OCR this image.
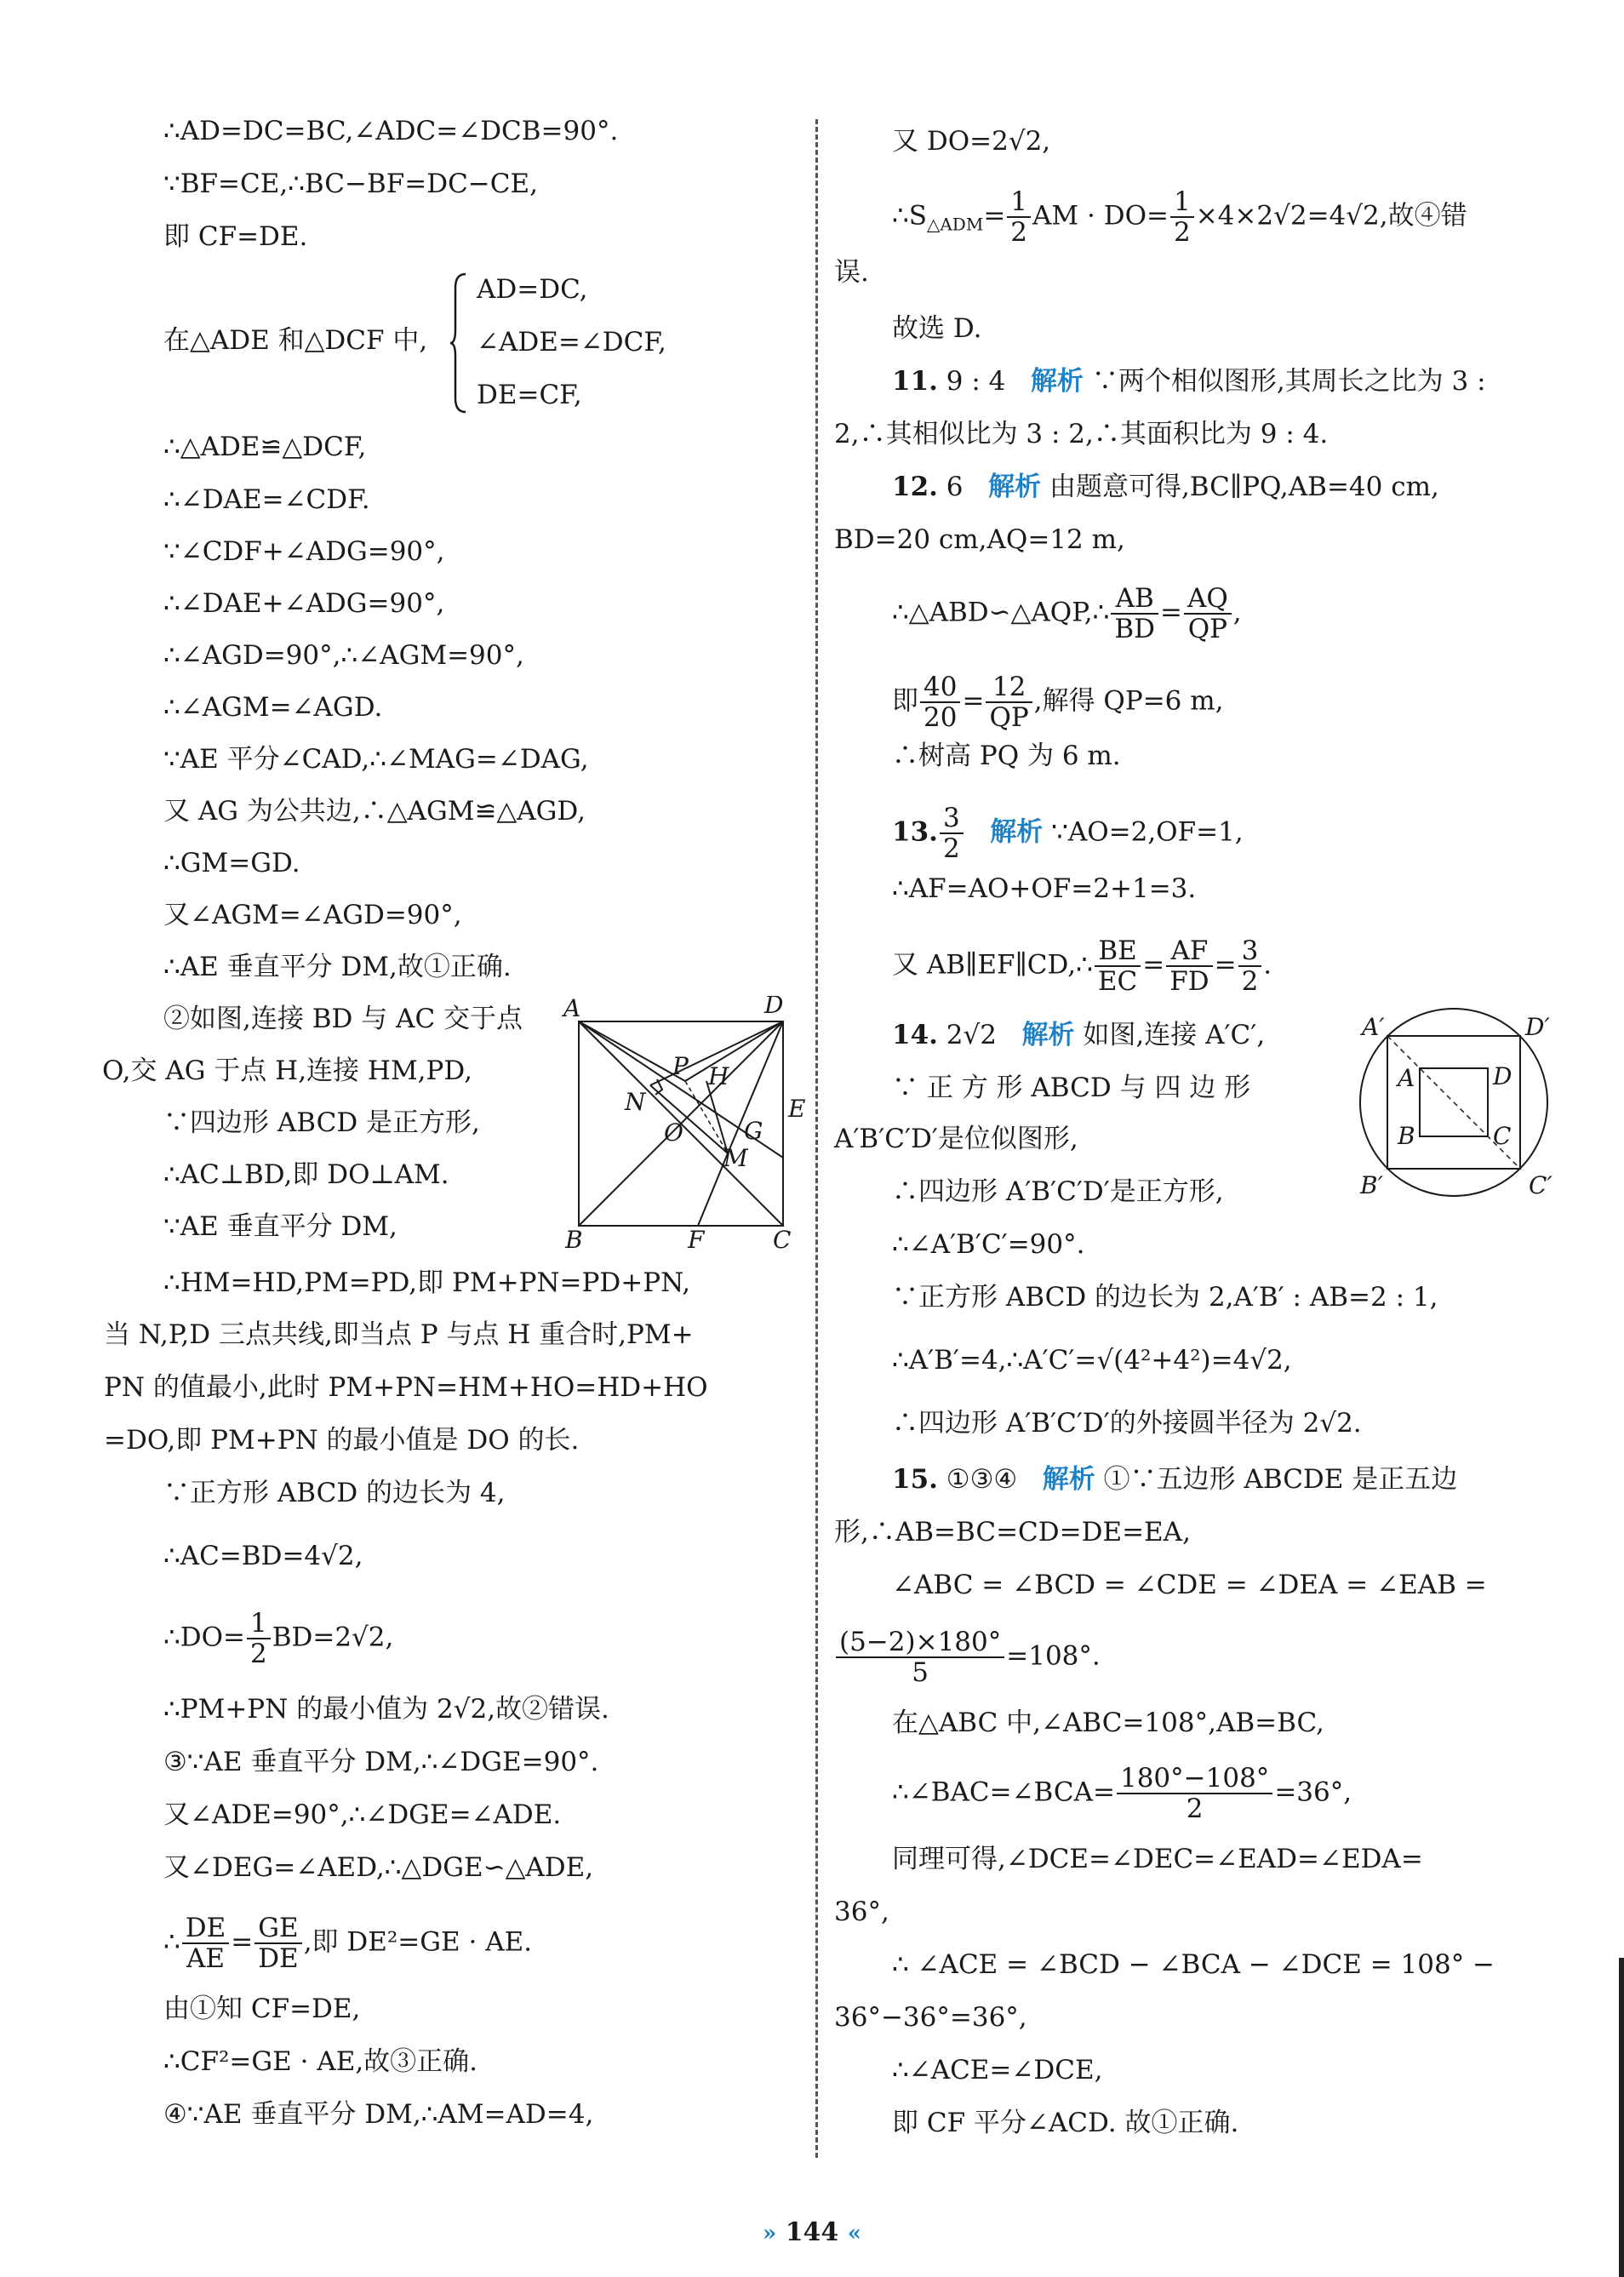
∴AD=DC=BC,∠ADC=∠DCB=90°.
∵BF=CE,∴BC−BF=DC−CE,
即 CF=DE.
在△ADE 和△DCF 中,
AD=DC,
∠ADE=∠DCF,
DE=CF,
∴△ADE≌△DCF,
∴∠DAE=∠CDF.
∵∠CDF+∠ADG=90°,
∴∠DAE+∠ADG=90°,
∴∠AGD=90°,∴∠AGM=90°,
∴∠AGM=∠AGD.
∵AE 平分∠CAD,∴∠MAG=∠DAG,
又 AG 为公共边,∴△AGM≌△AGD,
∴GM=GD.
又∠AGM=∠AGD=90°,
∴AE 垂直平分 DM,故①正确.
②如图,连接 BD 与 AC 交于点
O,交 AG 于点 H,连接 HM,PD,
∵四边形 ABCD 是正方形,
∴AC⊥BD,即 DO⊥AM.
∵AE 垂直平分 DM,
∴HM=HD,PM=PD,即 PM+PN=PD+PN,
当 N,P,D 三点共线,即当点 P 与点 H 重合时,PM+
PN 的值最小,此时 PM+PN=HM+HO=HD+HO
=DO,即 PM+PN 的最小值是 DO 的长.
∵正方形 ABCD 的边长为 4,
∴AC=BD=4√2,
∴DO= $\frac{1}{2} BD=2√2$,
∴PM+PN 的最小值为 2√2,故②错误.
③∵AE 垂直平分 DM,∴∠DGE=90°.
又∠ADE=90°,∴∠DGE=∠ADE.
又∠DEG=∠AED,∴△DGE∽△ADE,
∴ $\frac{DE}{AE} = \frac{GE}{DE}$ ,即 DE²=GE · AE.
由①知 CF=DE,
∴CF²=GE · AE,故③正确.
④∵AE 垂直平分 DM,∴AM=AD=4,
A	D
P H
N
G
E
O
M
B	F	C
又 DO=2√2,
$\therefore S_{\triangle ADM}= \frac{1}{2}$ AM · $DO= \frac{1}{2} \times 4\times 2√2=4√2$,故④错
误.
故选 D.
11. 9 : 4 解析 ∵两个相似图形,其周长之比为 3 :
2,∴其相似比为 3 : 2,∴其面积比为 9 : 4.
12. 6 解析 由题意可得,BC∥PQ,AB=40 cm,
BD=20 cm,AQ=12 m,
∴△ABD∽△AQP,∴ $\frac{AB}{BD} = \frac{AQ}{QP}$ ,
即 $\frac{40}{20} = \frac{12}{QP}$ ,解得 QP=6 m,
∴树高 PQ 为 6 m.
13. $\frac{3}{2}$ 解析 ∵AO=2,OF=1,
∴AF=AO+OF=2+1=3.
又 AB∥EF∥CD,∴ $\frac{BE}{EC} = \frac{AF}{FD} = \frac{3}{2}$ .
14. 2√2 解析 如图,连接 A′C′,
∵ 正 方 形 ABCD 与 四 边 形
A′B′C′D′是位似图形,
∴四边形 A′B′C′D′是正方形,
∴∠A′B′C′=90°.
∵正方形 ABCD 的边长为 2,A′B′ : AB=2 : 1,
∴A′B′=4,∴A′C′=√(4²+4²)=4√2,
∴四边形 A′B′C′D′的外接圆半径为 2√2.
A′	D′
A	D
B	C
B′	C′
15. ①③④ 解析 ①∵五边形 ABCDE 是正五边
形,∴AB=BC=CD=DE=EA,
∠ABC = ∠BCD = ∠CDE = ∠DEA = ∠EAB =
$\frac{(5-2)\times 180^\circ}{5} =108^\circ$.
在△ABC 中,∠ABC=108°,AB=BC,
∴∠BAC=∠BCA= $\frac{180^\circ-108^\circ}{2} =36^\circ$,
同理可得,∠DCE=∠DEC=∠EAD=∠EDA=
36°,
∴ ∠ACE = ∠BCD − ∠BCA − ∠DCE = 108° −
36°−36°=36°,
∴∠ACE=∠DCE,
即 CF 平分∠ACD. 故①正确.
» 144 «
